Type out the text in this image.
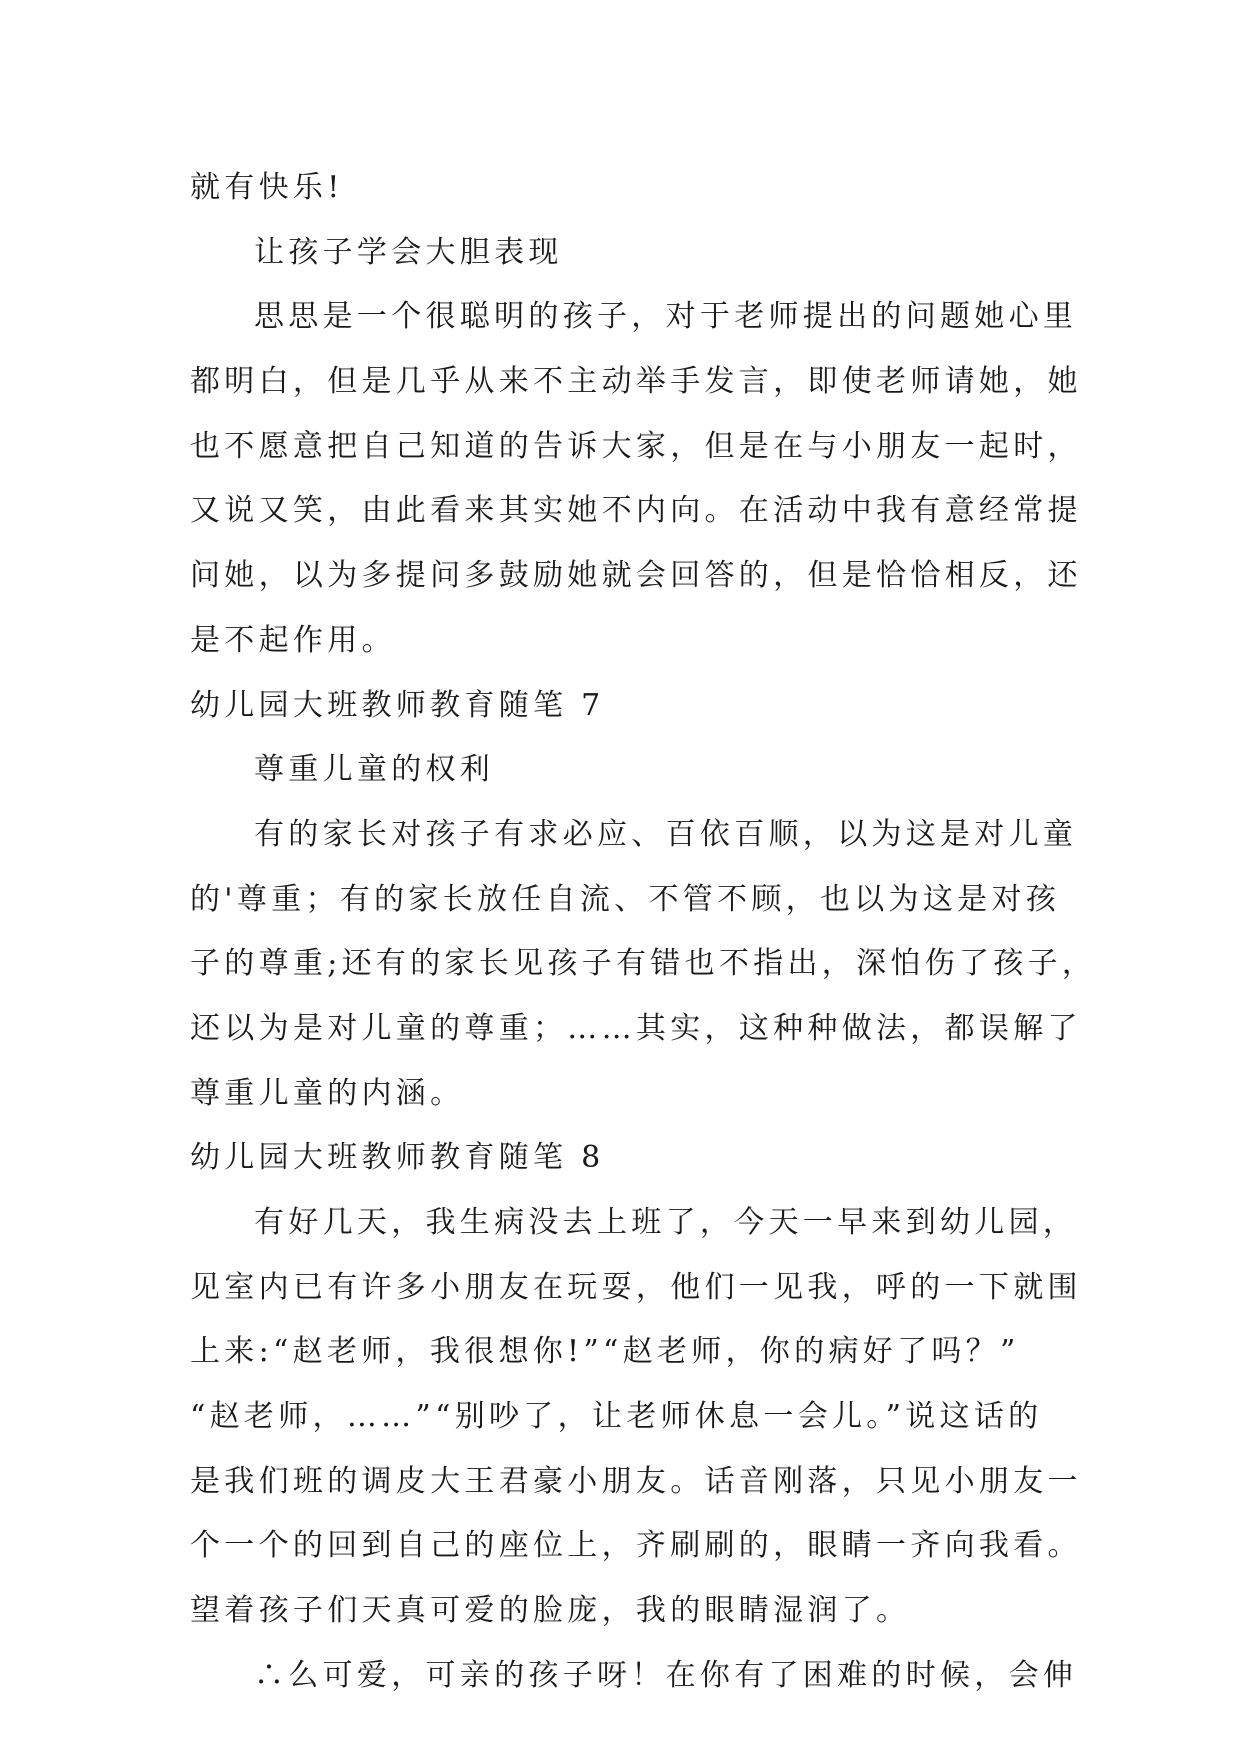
就有快乐!
让孩子学会大胆表现
思思是一个很聪明的孩子，对于老师提出的问题她心里
都明白，但是几乎从来不主动举手发言，即使老师请她，她
也不愿意把自己知道的告诉大家，但是在与小朋友一起时，
又说又笑，由此看来其实她不内向。在活动中我有意经常提
问她，以为多提问多鼓励她就会回答的，但是恰恰相反，还
是不起作用。
幼儿园大班教师教育随笔 7
尊重儿童的权利
有的家长对孩子有求必应、百依百顺，以为这是对儿童
的'尊重；有的家长放任自流、不管不顾，也以为这是对孩
子的尊重;还有的家长见孩子有错也不指出，深怕伤了孩子，
还以为是对儿童的尊重；……其实，这种种做法，都误解了
尊重儿童的内涵。
幼儿园大班教师教育随笔 8
有好几天，我生病没去上班了，今天一早来到幼儿园，
见室内已有许多小朋友在玩耍，他们一见我，呼的一下就围
上来:“赵老师，我很想你!”“赵老师，你的病好了吗？”
“赵老师，……”“别吵了，让老师休息一会儿。”说这话的
是我们班的调皮大王君豪小朋友。话音刚落，只见小朋友一
个一个的回到自己的座位上，齐刷刷的，眼睛一齐向我看。
望着孩子们天真可爱的脸庞，我的眼睛湿润了。
∴么可爱，可亲的孩子呀！在你有了困难的时候，会伸
